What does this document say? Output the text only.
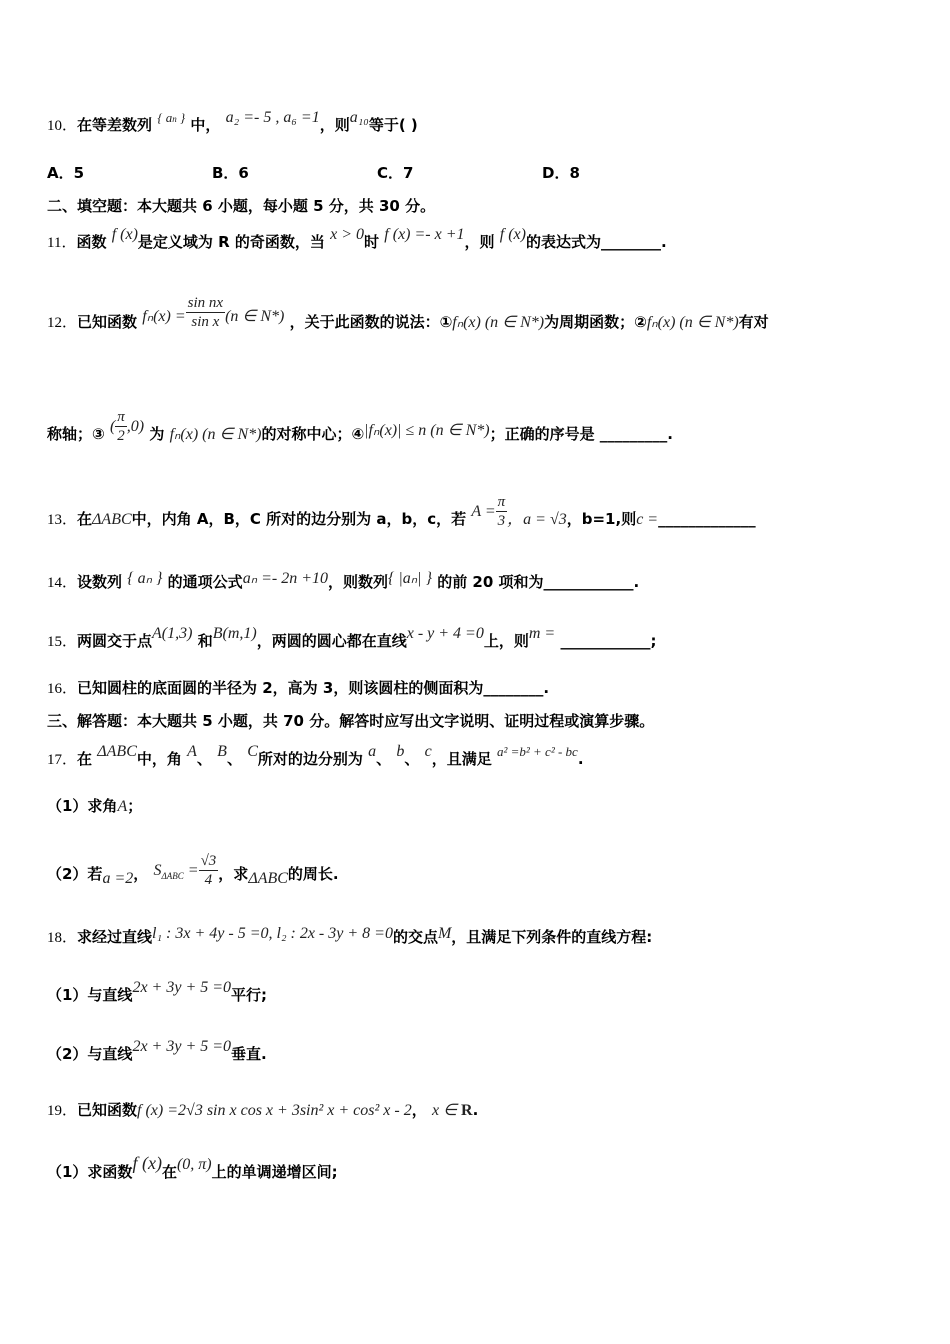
10．在等差数列 { $a^n$ } 中， a₂ =- 5 , a₆ =1，则a₁₀等于( )
A．5	B．6	C．7	D．8
二、填空题：本大题共 6 小题，每小题 5 分，共 30 分。
11．函数 f (x)是定义域为 R 的奇函数，当 x > 0时 f (x) =- x +1，则 f (x)的表达式为________.
12．已知函数 $f_n(x) = \frac{\text{sin nx}}{\text{sin x}} (n$ ∈ N*) ，关于此函数的说法：①fₙ(x) (n ∈ N*)为周期函数；②fₙ(x) (n ∈ N*)有对
称轴；③ ( $\frac{\pi}{2} ,0$) 为 fₙ(x) (n ∈ N*)的对称中心；④|fₙ(x)| ≤ n (n ∈ N*)；正确的序号是 _________.
13．在ΔABC中，内角 A，B，C 所对的边分别为 a，b，c，若 $A = \frac{\pi}{3}$ ，a = √3，b=1,则c =_____________
14．设数列 { aₙ } 的通项公式aₙ =- 2n +10，则数列{ |aₙ| } 的前 20 项和为____________.
15．两圆交于点A(1,3) 和B(m,1)，两圆的圆心都在直线x - y + 4 =0上，则m = ____________;
16．已知圆柱的底面圆的半径为 2，高为 3，则该圆柱的侧面积为________.
三、解答题：本大题共 5 小题，共 70 分。解答时应写出文字说明、证明过程或演算步骤。
17．在 ΔABC中，角 A、 B、 C所对的边分别为 a、 b、 c，且满足 a² =b² + c² - bc.
（1）求角A；
（2）若a =2， $S\Delta ABC = \frac{√3}{4}$ ，求ΔABC的周长.
18．求经过直线l₁ : 3x + 4y - 5 =0, l₂ : 2x - 3y + 8 =0的交点M，且满足下列条件的直线方程:
（1）与直线2x + 3y + 5 =0平行;
（2）与直线2x + 3y + 5 =0垂直.
19．已知函数f (x) =2√3 sin x cos x + 3sin² x + cos² x - 2， x ∈ R.
（1）求函数f (x)在(0, π)上的单调递增区间;
